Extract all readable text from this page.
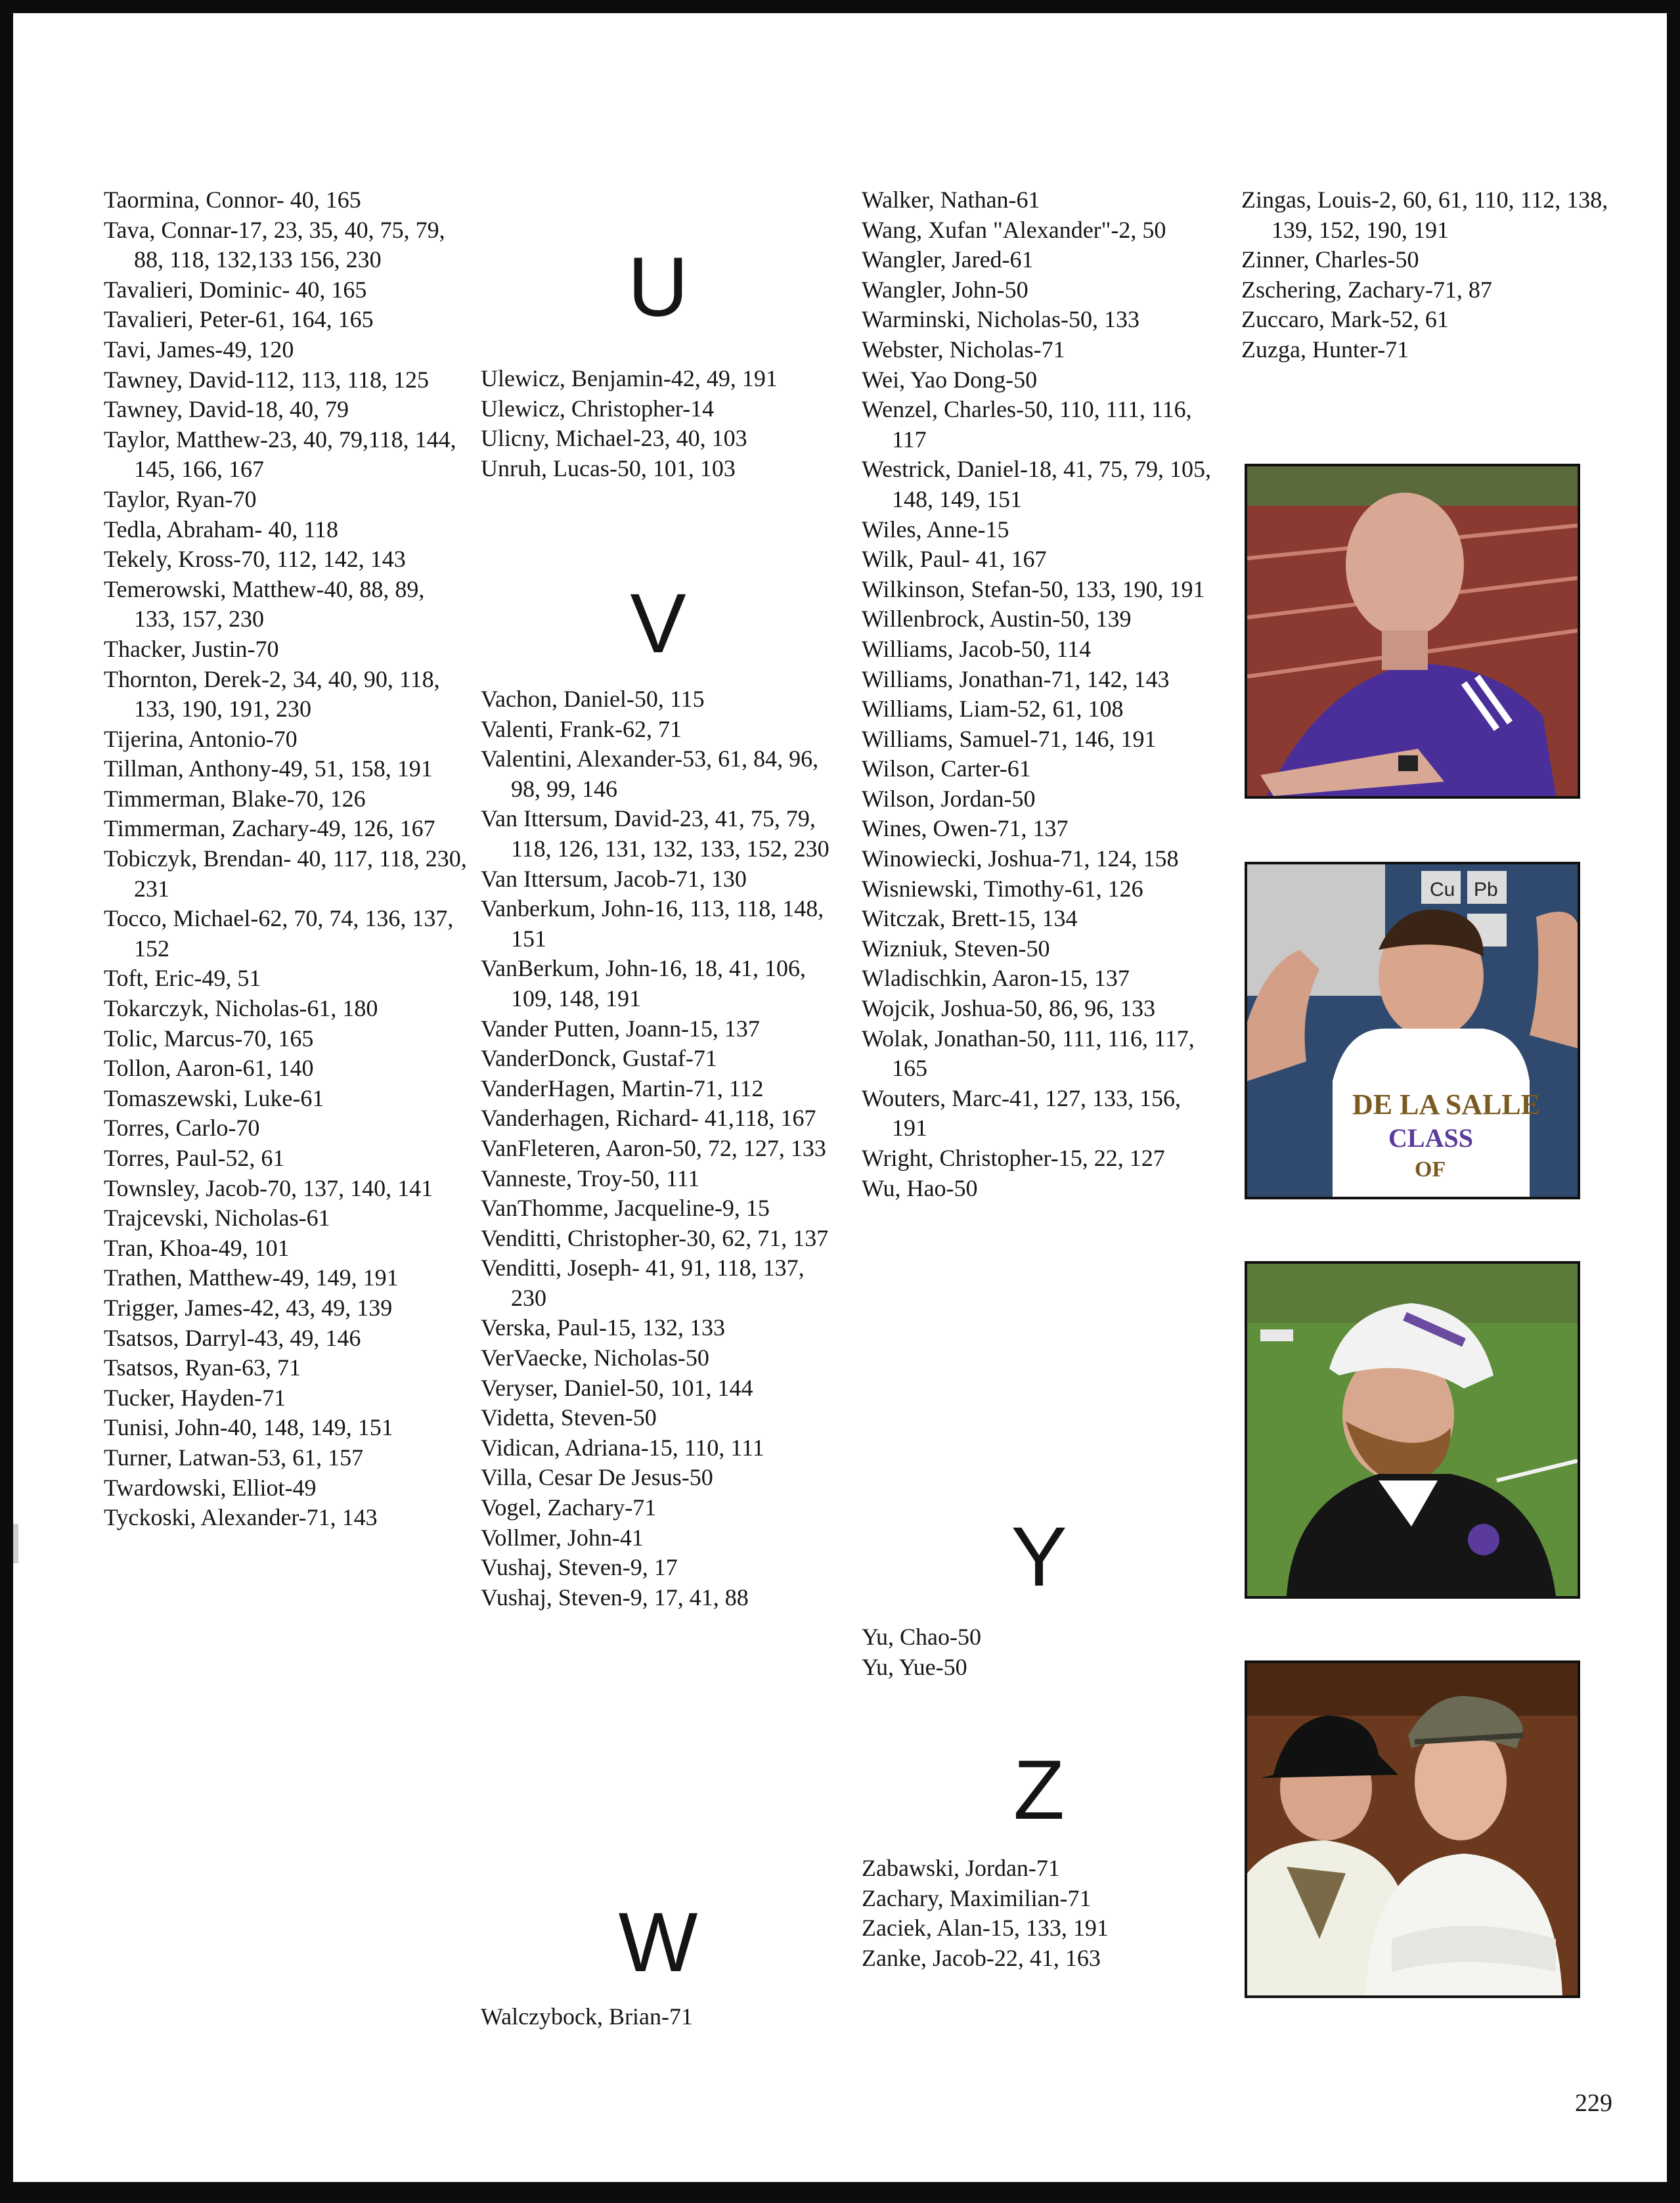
Taormina, Connor- 40, 165

Tava, Connar-17, 23, 35, 40, 75, 79, 88, 118, 132,133 156, 230

Tavalieri, Dominic- 40, 165

Tavalieri, Peter-61, 164, 165

Tavi, James-49, 120

Tawney, David-112, 113, 118, 125

Tawney, David-18, 40, 79

Taylor, Matthew-23, 40, 79,118, 144, 145, 166, 167

Taylor, Ryan-70

Tedla, Abraham- 40, 118

Tekely, Kross-70, 112, 142, 143

Temerowski, Matthew-40, 88, 89, 133, 157, 230

Thacker, Justin-70

Thornton, Derek-2, 34, 40, 90, 118, 133, 190, 191, 230

Tijerina, Antonio-70

Tillman, Anthony-49, 51, 158, 191

Timmerman, Blake-70, 126

Timmerman, Zachary-49, 126, 167

Tobiczyk, Brendan- 40, 117, 118, 230, 231

Tocco, Michael-62, 70, 74, 136, 137, 152

Toft, Eric-49, 51

Tokarczyk, Nicholas-61, 180

Tolic, Marcus-70, 165

Tollon, Aaron-61, 140

Tomaszewski, Luke-61

Torres, Carlo-70

Torres, Paul-52, 61

Townsley, Jacob-70, 137, 140, 141

Trajcevski, Nicholas-61

Tran, Khoa-49, 101

Trathen, Matthew-49, 149, 191

Trigger, James-42, 43, 49, 139

Tsatsos, Darryl-43, 49, 146

Tsatsos, Ryan-63, 71

Tucker, Hayden-71

Tunisi, John-40, 148, 149, 151

Turner, Latwan-53, 61, 157

Twardowski, Elliot-49

Tyckoski, Alexander-71, 143

U

Ulewicz, Benjamin-42, 49, 191

Ulewicz, Christopher-14

Ulicny, Michael-23, 40, 103

Unruh, Lucas-50, 101, 103

V

Vachon, Daniel-50, 115

Valenti, Frank-62, 71

Valentini, Alexander-53, 61, 84, 96, 98, 99, 146

Van Ittersum, David-23, 41, 75, 79, 118, 126, 131, 132, 133, 152, 230

Van Ittersum, Jacob-71, 130

Vanberkum, John-16, 113, 118, 148, 151

VanBerkum, John-16, 18, 41, 106, 109, 148, 191

Vander Putten, Joann-15, 137

VanderDonck, Gustaf-71

VanderHagen, Martin-71, 112

Vanderhagen, Richard- 41,118, 167

VanFleteren, Aaron-50, 72, 127, 133

Vanneste, Troy-50, 111

VanThomme, Jacqueline-9, 15

Venditti, Christopher-30, 62, 71, 137

Venditti, Joseph- 41, 91, 118, 137, 230

Verska, Paul-15, 132, 133

VerVaecke, Nicholas-50

Veryser, Daniel-50, 101, 144

Videtta, Steven-50

Vidican, Adriana-15, 110, 111

Villa, Cesar De Jesus-50

Vogel, Zachary-71

Vollmer, John-41

Vushaj, Steven-9, 17

Vushaj, Steven-9, 17, 41, 88

W

Walczybock, Brian-71

Walker, Nathan-61

Wang, Xufan "Alexander"-2, 50

Wangler, Jared-61

Wangler, John-50

Warminski, Nicholas-50, 133

Webster, Nicholas-71

Wei, Yao Dong-50

Wenzel, Charles-50, 110, 111, 116, 117

Westrick, Daniel-18, 41, 75, 79, 105, 148, 149, 151

Wiles, Anne-15

Wilk, Paul- 41, 167

Wilkinson, Stefan-50, 133, 190, 191

Willenbrock, Austin-50, 139

Williams, Jacob-50, 114

Williams, Jonathan-71, 142, 143

Williams, Liam-52, 61, 108

Williams, Samuel-71, 146, 191

Wilson, Carter-61

Wilson, Jordan-50

Wines, Owen-71, 137

Winowiecki, Joshua-71, 124, 158

Wisniewski, Timothy-61, 126

Witczak, Brett-15, 134

Wizniuk, Steven-50

Wladischkin, Aaron-15, 137

Wojcik, Joshua-50, 86, 96, 133

Wolak, Jonathan-50, 111, 116, 117, 165

Wouters, Marc-41, 127, 133, 156, 191

Wright, Christopher-15, 22, 127

Wu, Hao-50

Y

Yu, Chao-50

Yu, Yue-50

Z

Zabawski, Jordan-71

Zachary, Maximilian-71

Zaciek, Alan-15, 133, 191

Zanke, Jacob-22, 41, 163

Zingas, Louis-2, 60, 61, 110, 112, 138, 139, 152, 190, 191

Zinner, Charles-50

Zschering, Zachary-71, 87

Zuccaro, Mark-52, 61

Zuzga, Hunter-71

Cu Pb
DE LA SALLE
CLASS
OF
229
